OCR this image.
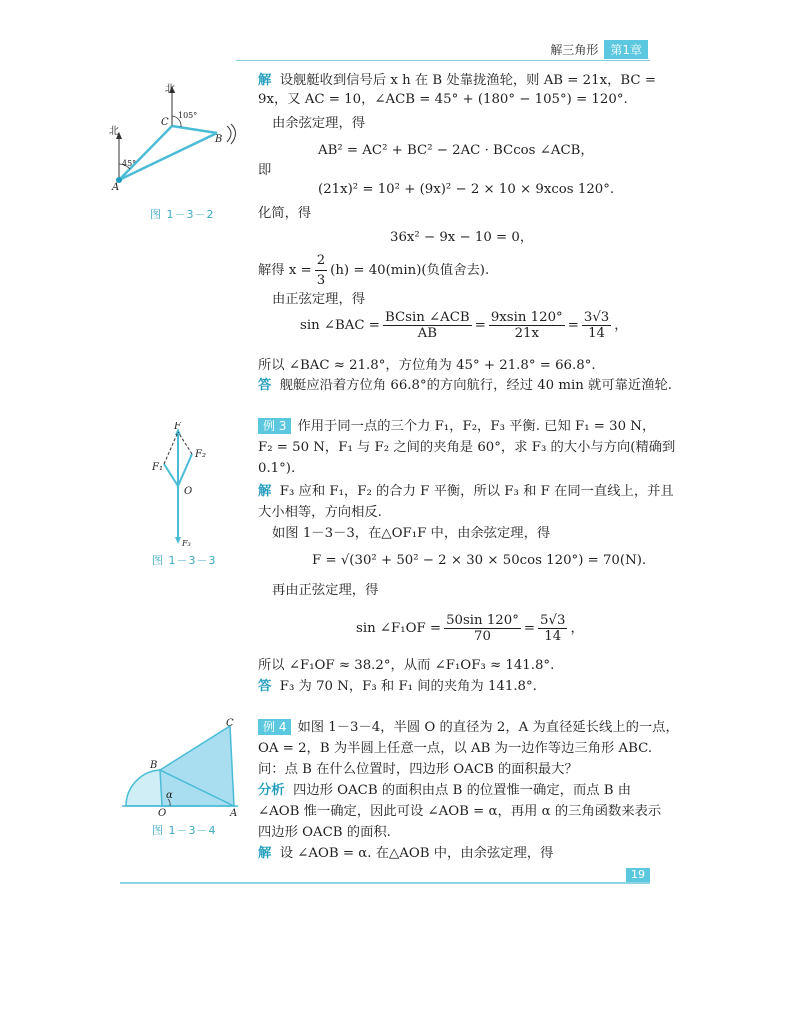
解三角形	第1章
北
北
A
B
C
45°
105°
图 1－3－2
解 设舰艇收到信号后 x h 在 B 处靠拢渔轮，则 AB = 21x，BC =
9x，又 AC = 10，∠ACB = 45° + (180° − 105°) = 120°.
由余弦定理，得
AB² = AC² + BC² − 2AC · BCcos ∠ACB，
即
(21x)² = 10² + (9x)² − 2 × 10 × 9xcos 120°.
化简，得
36x² − 9x − 10 = 0，
解得 $x = \frac{2}{3} (h) = 40(\min)$(负值舍去).
由正弦定理，得
sin ∠BAC = $\frac{\text{BCsin ∠ACB}}{AB} = \frac{9xsin 120^\circ}{21x} = \frac{3√3}{14}$ ，
所以 ∠BAC ≈ 21.8°，方位角为 45° + 21.8° = 66.8°.
答 舰艇应沿着方位角 66.8°的方向航行，经过 40 min 就可靠近渔轮.
F
F₁
F₂
O
F₃
图 1－3－3
例 3 作用于同一点的三个力 F₁，F₂，F₃ 平衡. 已知 F₁ = 30 N，
F₂ = 50 N，F₁ 与 F₂ 之间的夹角是 60°，求 F₃ 的大小与方向(精确到
0.1°).
解 F₃ 应和 F₁，F₂ 的合力 F 平衡，所以 F₃ 和 F 在同一直线上，并且
大小相等，方向相反.
如图 1－3－3，在△OF₁F 中，由余弦定理，得
F = √(30² + 50² − 2 × 30 × 50cos 120°) = 70(N).
再由正弦定理，得
sin ∠F₁OF = $\frac{50\sin 120^\circ}{70} = \frac{5√3}{14}$ ，
所以 ∠F₁OF ≈ 38.2°，从而 ∠F₁OF₃ ≈ 141.8°.
答 F₃ 为 70 N，F₃ 和 F₁ 间的夹角为 141.8°.
C
B
O	A
α
图 1－3－4
例 4 如图 1－3－4，半圆 O 的直径为 2，A 为直径延长线上的一点，
OA = 2，B 为半圆上任意一点，以 AB 为一边作等边三角形 ABC.
问：点 B 在什么位置时，四边形 OACB 的面积最大？
分析 四边形 OACB 的面积由点 B 的位置惟一确定，而点 B 由
∠AOB 惟一确定，因此可设 ∠AOB = α，再用 α 的三角函数来表示
四边形 OACB 的面积.
解 设 ∠AOB = α. 在△AOB 中，由余弦定理，得
19
